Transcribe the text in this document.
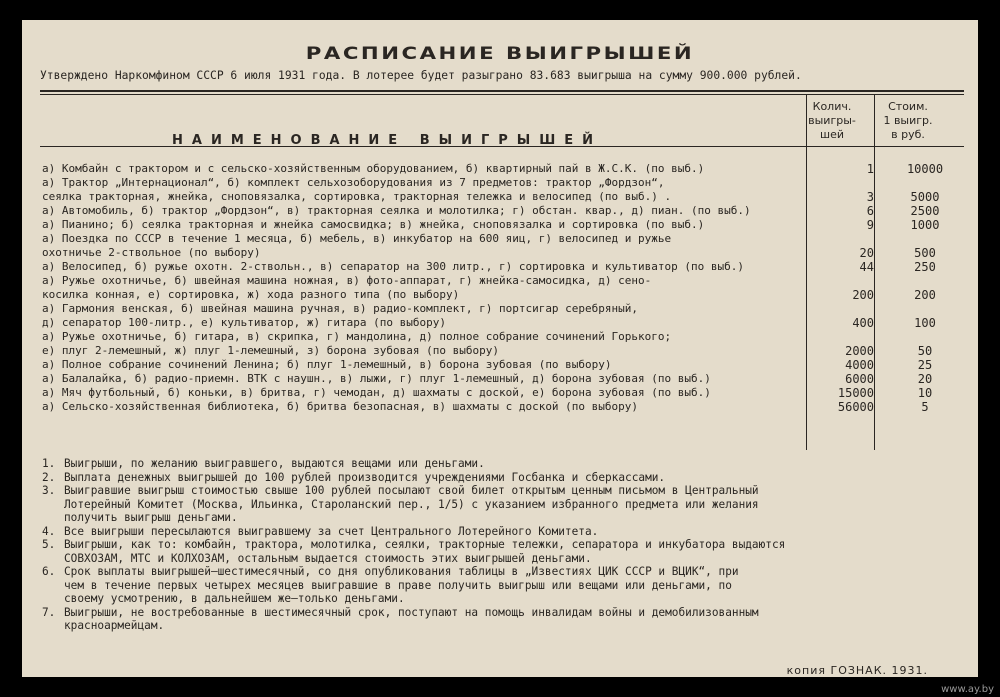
РАСПИСАНИЕ ВЫИГРЫШЕЙ
Утверждено Наркомфином СССР 6 июля 1931 года. В лотерее будет разыграно 83.683 выигрыша на сумму 900.000 рублей.
НАИМЕНОВАНИЕ ВЫИГРЫШЕЙ
Колич.
выигры-
шей
Стоим.
1 выигр.
в руб.
а) Комбайн с трактором и с сельско-хозяйственным оборудованием, б) квартирный пай в Ж.С.К. (по выб.)	1	10000
а) Трактор „Интернационал“, б) комплект сельхозоборудования из 7 предметов: трактор „Фордзон“,
сеялка тракторная, жнейка, сноповязалка, сортировка, тракторная тележка и велосипед (по выб.) .	3	5000
а) Автомобиль, б) трактор „Фордзон“, в) тракторная сеялка и молотилка; г) обстан. квар., д) пиан. (по выб.)	6	2500
а) Пианино; б) сеялка тракторная и жнейка самосвидка; в) жнейка, сноповязалка и сортировка (по выб.)	9	1000
а) Поездка по СССР в течение 1 месяца, б) мебель, в) инкубатор на 600 яиц, г) велосипед и ружье
охотничье 2-ствольное (по выбору)	20	500
а) Велосипед, б) ружье охотн. 2-ствольн., в) сепаратор на 300 литр., г) сортировка и культиватор (по выб.)	44	250
а) Ружье охотничье, б) швейная машина ножная, в) фото-аппарат, г) жнейка-самосидка, д) сено-
косилка конная, е) сортировка, ж) хода разного типа (по выбору)	200	200
а) Гармония венская, б) швейная машина ручная, в) радио-комплект, г) портсигар серебряный,
д) сепаратор 100-литр., е) культиватор, ж) гитара (по выбору)	400	100
а) Ружье охотничье, б) гитара, в) скрипка, г) мандолина, д) полное собрание сочинений Горького;
е) плуг 2-лемешный, ж) плуг 1-лемешный, з) борона зубовая (по выбору)	2000	50
а) Полное собрание сочинений Ленина; б) плуг 1-лемешный, в) борона зубовая (по выбору)	4000	25
а) Балалайка, б) радио-приемн. ВТК с наушн., в) лыжи, г) плуг 1-лемешный, д) борона зубовая (по выб.)	6000	20
а) Мяч футбольный, б) коньки, в) бритва, г) чемодан, д) шахматы с доской, е) борона зубовая (по выб.)	15000	10
а) Сельско-хозяйственная библиотека, б) бритва безопасная, в) шахматы с доской (по выбору)	56000	5
1. Выигрыши, по желанию выигравшего, выдаются вещами или деньгами.
2. Выплата денежных выигрышей до 100 рублей производится учреждениями Госбанка и сберкассами.
3. Выигравшие выигрыш стоимостью свыше 100 рублей посылают свой билет открытым ценным письмом в Центральный
Лотерейный Комитет (Москва, Ильинка, Староланский пер., 1/5) с указанием избранного предмета или желания
получить выигрыш деньгами.
4. Все выигрыши пересылаются выигравшему за счет Центрального Лотерейного Комитета.
5. Выигрыши, как то: комбайн, трактора, молотилка, сеялки, тракторные тележки, сепаратора и инкубатора выдаются
СОВХОЗАМ, МТС и КОЛХОЗАМ, остальным выдается стоимость этих выигрышей деньгами.
6. Срок выплаты выигрышей—шестимесячный, со дня опубликования таблицы в „Известиях ЦИК СССР и ВЦИК“, при
чем в течение первых четырех месяцев выигравшие в праве получить выигрыш или вещами или деньгами, по
своему усмотрению, в дальнейшем же—только деньгами.
7. Выигрыши, не востребованные в шестимесячный срок, поступают на помощь инвалидам войны и демобилизованным
красноармейцам.
копия ГОЗНАК. 1931.
www.ay.by
